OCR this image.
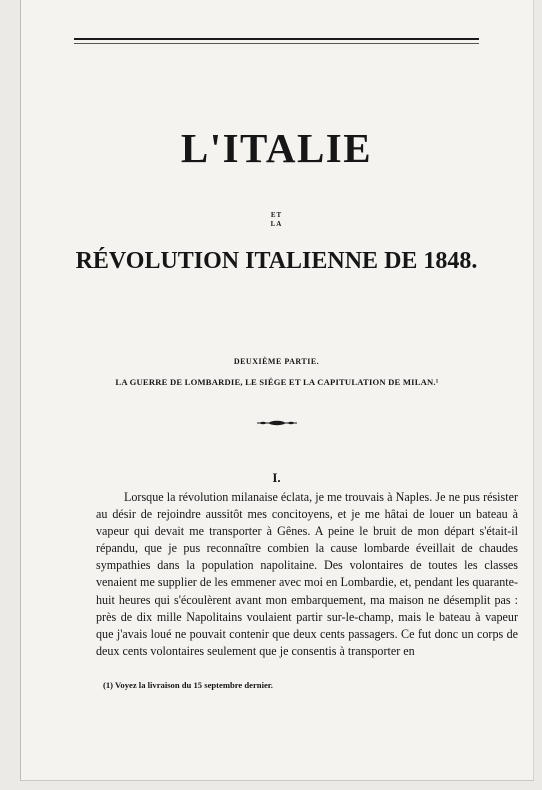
L'ITALIE
ET
LA
RÉVOLUTION ITALIENNE DE 1848.
DEUXIÈME PARTIE.
LA GUERRE DE LOMBARDIE, LE SIÉGE ET LA CAPITULATION DE MILAN.¹
I.

Lorsque la révolution milanaise éclata, je me trouvais à Naples. Je ne pus résister au désir de rejoindre aussitôt mes concitoyens, et je me hâtai de louer un bateau à vapeur qui devait me transporter à Gênes. A peine le bruit de mon départ s'était-il répandu, que je pus reconnaître combien la cause lombarde éveillait de chaudes sympathies dans la population napolitaine. Des volontaires de toutes les classes venaient me supplier de les emmener avec moi en Lombardie, et, pendant les quarante-huit heures qui s'écoulèrent avant mon embarquement, ma maison ne désemplit pas : près de dix mille Napolitains voulaient partir sur-le-champ, mais le bateau à vapeur que j'avais loué ne pouvait contenir que deux cents passagers. Ce fut donc un corps de deux cents volontaires seulement que je consentis à transporter en

(1) Voyez la livraison du 15 septembre dernier.
